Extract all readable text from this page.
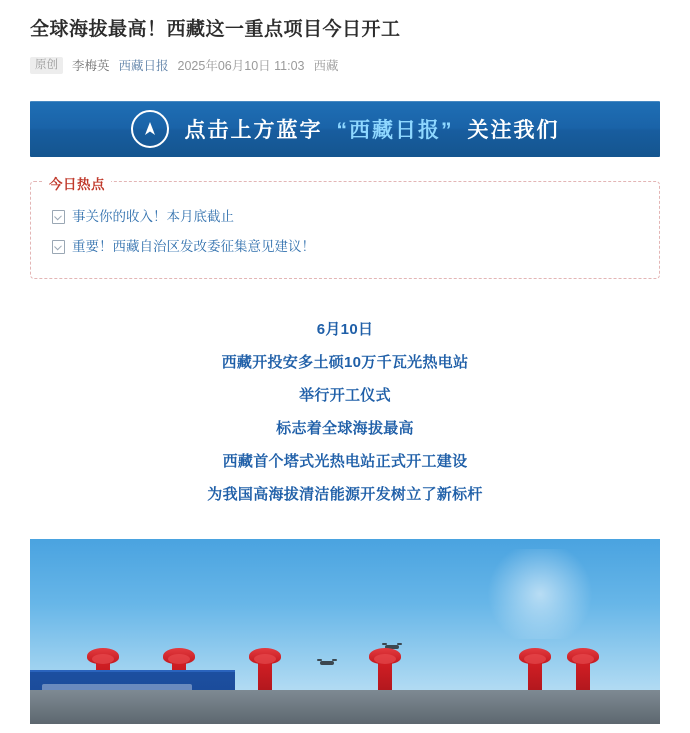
全球海拔最高！西藏这一重点项目今日开工
原创	李梅英 西藏日报 2025年06月10日 11:03 西藏
点击上方蓝字 “西藏日报” 关注我们
今日热点
事关你的收入！本月底截止
重要！西藏自治区发改委征集意见建议！
6月10日
西藏开投安多土硕10万千瓦光热电站
举行开工仪式
标志着全球海拔最高
西藏首个塔式光热电站正式开工建设
为我国高海拔清洁能源开发树立了新标杆
